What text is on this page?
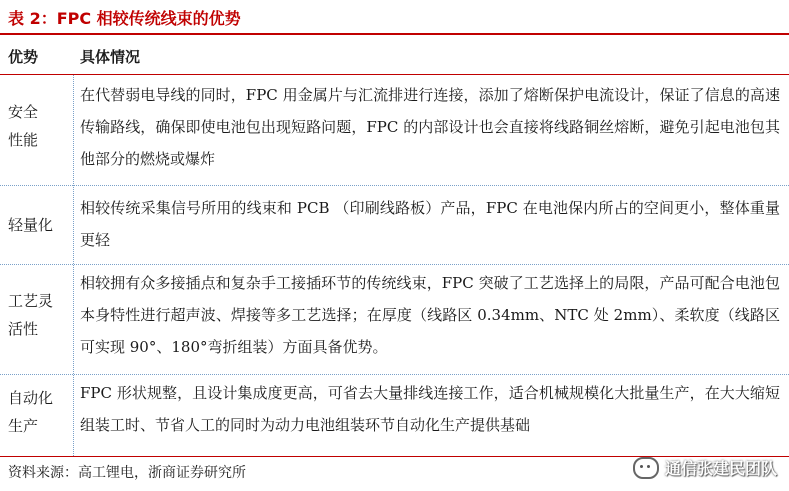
表 2：FPC 相较传统线束的优势
优势	具体情况
安全
性能
在代替弱电导线的同时，FPC 用金属片与汇流排进行连接，添加了熔断保护电流设计，保证了信息的高速传输路线，确保即使电池包出现短路问题，FPC 的内部设计也会直接将线路铜丝熔断，避免引起电池包其他部分的燃烧或爆炸
轻量化
相较传统采集信号所用的线束和 PCB （印刷线路板）产品，FPC 在电池保内所占的空间更小，整体重量更轻
工艺灵
活性
相较拥有众多接插点和复杂手工接插环节的传统线束，FPC 突破了工艺选择上的局限，产品可配合电池包本身特性进行超声波、焊接等多工艺选择；在厚度（线路区 0.34mm、NTC 处 2mm）、柔软度（线路区可实现 90°、180°弯折组装）方面具备优势。
自动化
生产
FPC 形状规整，且设计集成度更高，可省去大量排线连接工作，适合机械规模化大批量生产，在大大缩短组装工时、节省人工的同时为动力电池组装环节自动化生产提供基础
资料来源：高工锂电，浙商证券研究所	通信张建民团队
